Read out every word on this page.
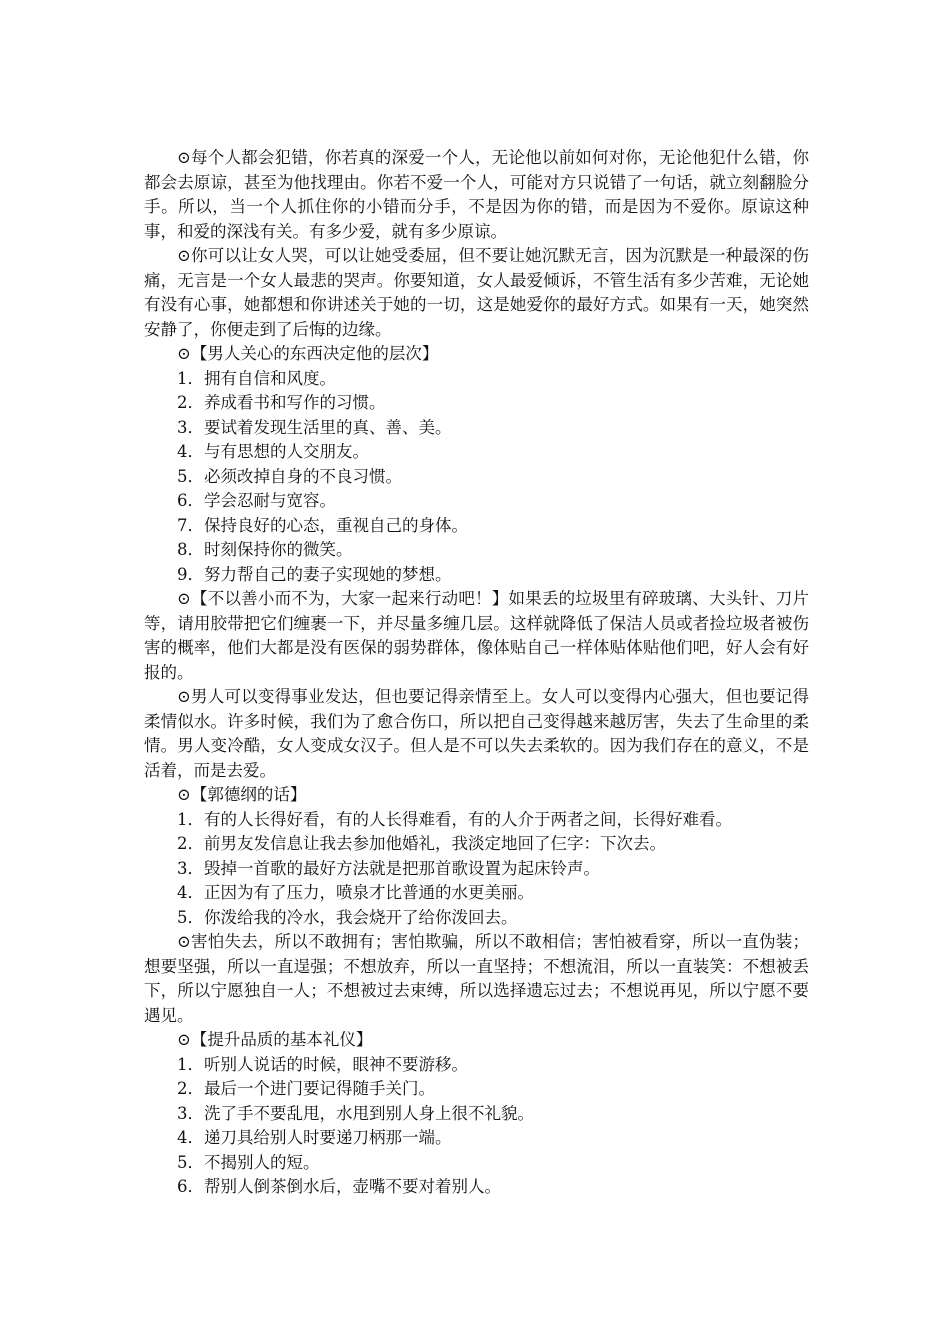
⊙每个人都会犯错，你若真的深爱一个人，无论他以前如何对你，无论他犯什么错，你都会去原谅，甚至为他找理由。你若不爱一个人，可能对方只说错了一句话，就立刻翻脸分手。所以，当一个人抓住你的小错而分手，不是因为你的错，而是因为不爱你。原谅这种事，和爱的深浅有关。有多少爱，就有多少原谅。

⊙你可以让女人哭，可以让她受委屈，但不要让她沉默无言，因为沉默是一种最深的伤痛，无言是一个女人最悲的哭声。你要知道，女人最爱倾诉，不管生活有多少苦难，无论她有没有心事，她都想和你讲述关于她的一切，这是她爱你的最好方式。如果有一天，她突然安静了，你便走到了后悔的边缘。

⊙【男人关心的东西决定他的层次】

1．拥有自信和风度。

2．养成看书和写作的习惯。

3．要试着发现生活里的真、善、美。

4．与有思想的人交朋友。

5．必须改掉自身的不良习惯。

6．学会忍耐与宽容。

7．保持良好的心态，重视自己的身体。

8．时刻保持你的微笑。

9．努力帮自己的妻子实现她的梦想。

⊙【不以善小而不为，大家一起来行动吧！】如果丢的垃圾里有碎玻璃、大头针、刀片等，请用胶带把它们缠裹一下，并尽量多缠几层。这样就降低了保洁人员或者捡垃圾者被伤害的概率，他们大都是没有医保的弱势群体，像体贴自己一样体贴体贴他们吧，好人会有好报的。

⊙男人可以变得事业发达，但也要记得亲情至上。女人可以变得内心强大，但也要记得柔情似水。许多时候，我们为了愈合伤口，所以把自己变得越来越厉害，失去了生命里的柔情。男人变冷酷，女人变成女汉子。但人是不可以失去柔软的。因为我们存在的意义，不是活着，而是去爱。

⊙【郭德纲的话】

1．有的人长得好看，有的人长得难看，有的人介于两者之间，长得好难看。

2．前男友发信息让我去参加他婚礼，我淡定地回了仨字：下次去。

3．毁掉一首歌的最好方法就是把那首歌设置为起床铃声。

4．正因为有了压力，喷泉才比普通的水更美丽。

5．你泼给我的冷水，我会烧开了给你泼回去。

⊙害怕失去，所以不敢拥有；害怕欺骗，所以不敢相信；害怕被看穿，所以一直伪装；想要坚强，所以一直逞强；不想放弃，所以一直坚持；不想流泪，所以一直装笑：不想被丢下，所以宁愿独自一人；不想被过去束缚，所以选择遗忘过去；不想说再见，所以宁愿不要遇见。

⊙【提升品质的基本礼仪】

1．听别人说话的时候，眼神不要游移。

2．最后一个进门要记得随手关门。

3．洗了手不要乱甩，水甩到别人身上很不礼貌。

4．递刀具给别人时要递刀柄那一端。

5．不揭别人的短。

6．帮别人倒茶倒水后，壶嘴不要对着别人。
